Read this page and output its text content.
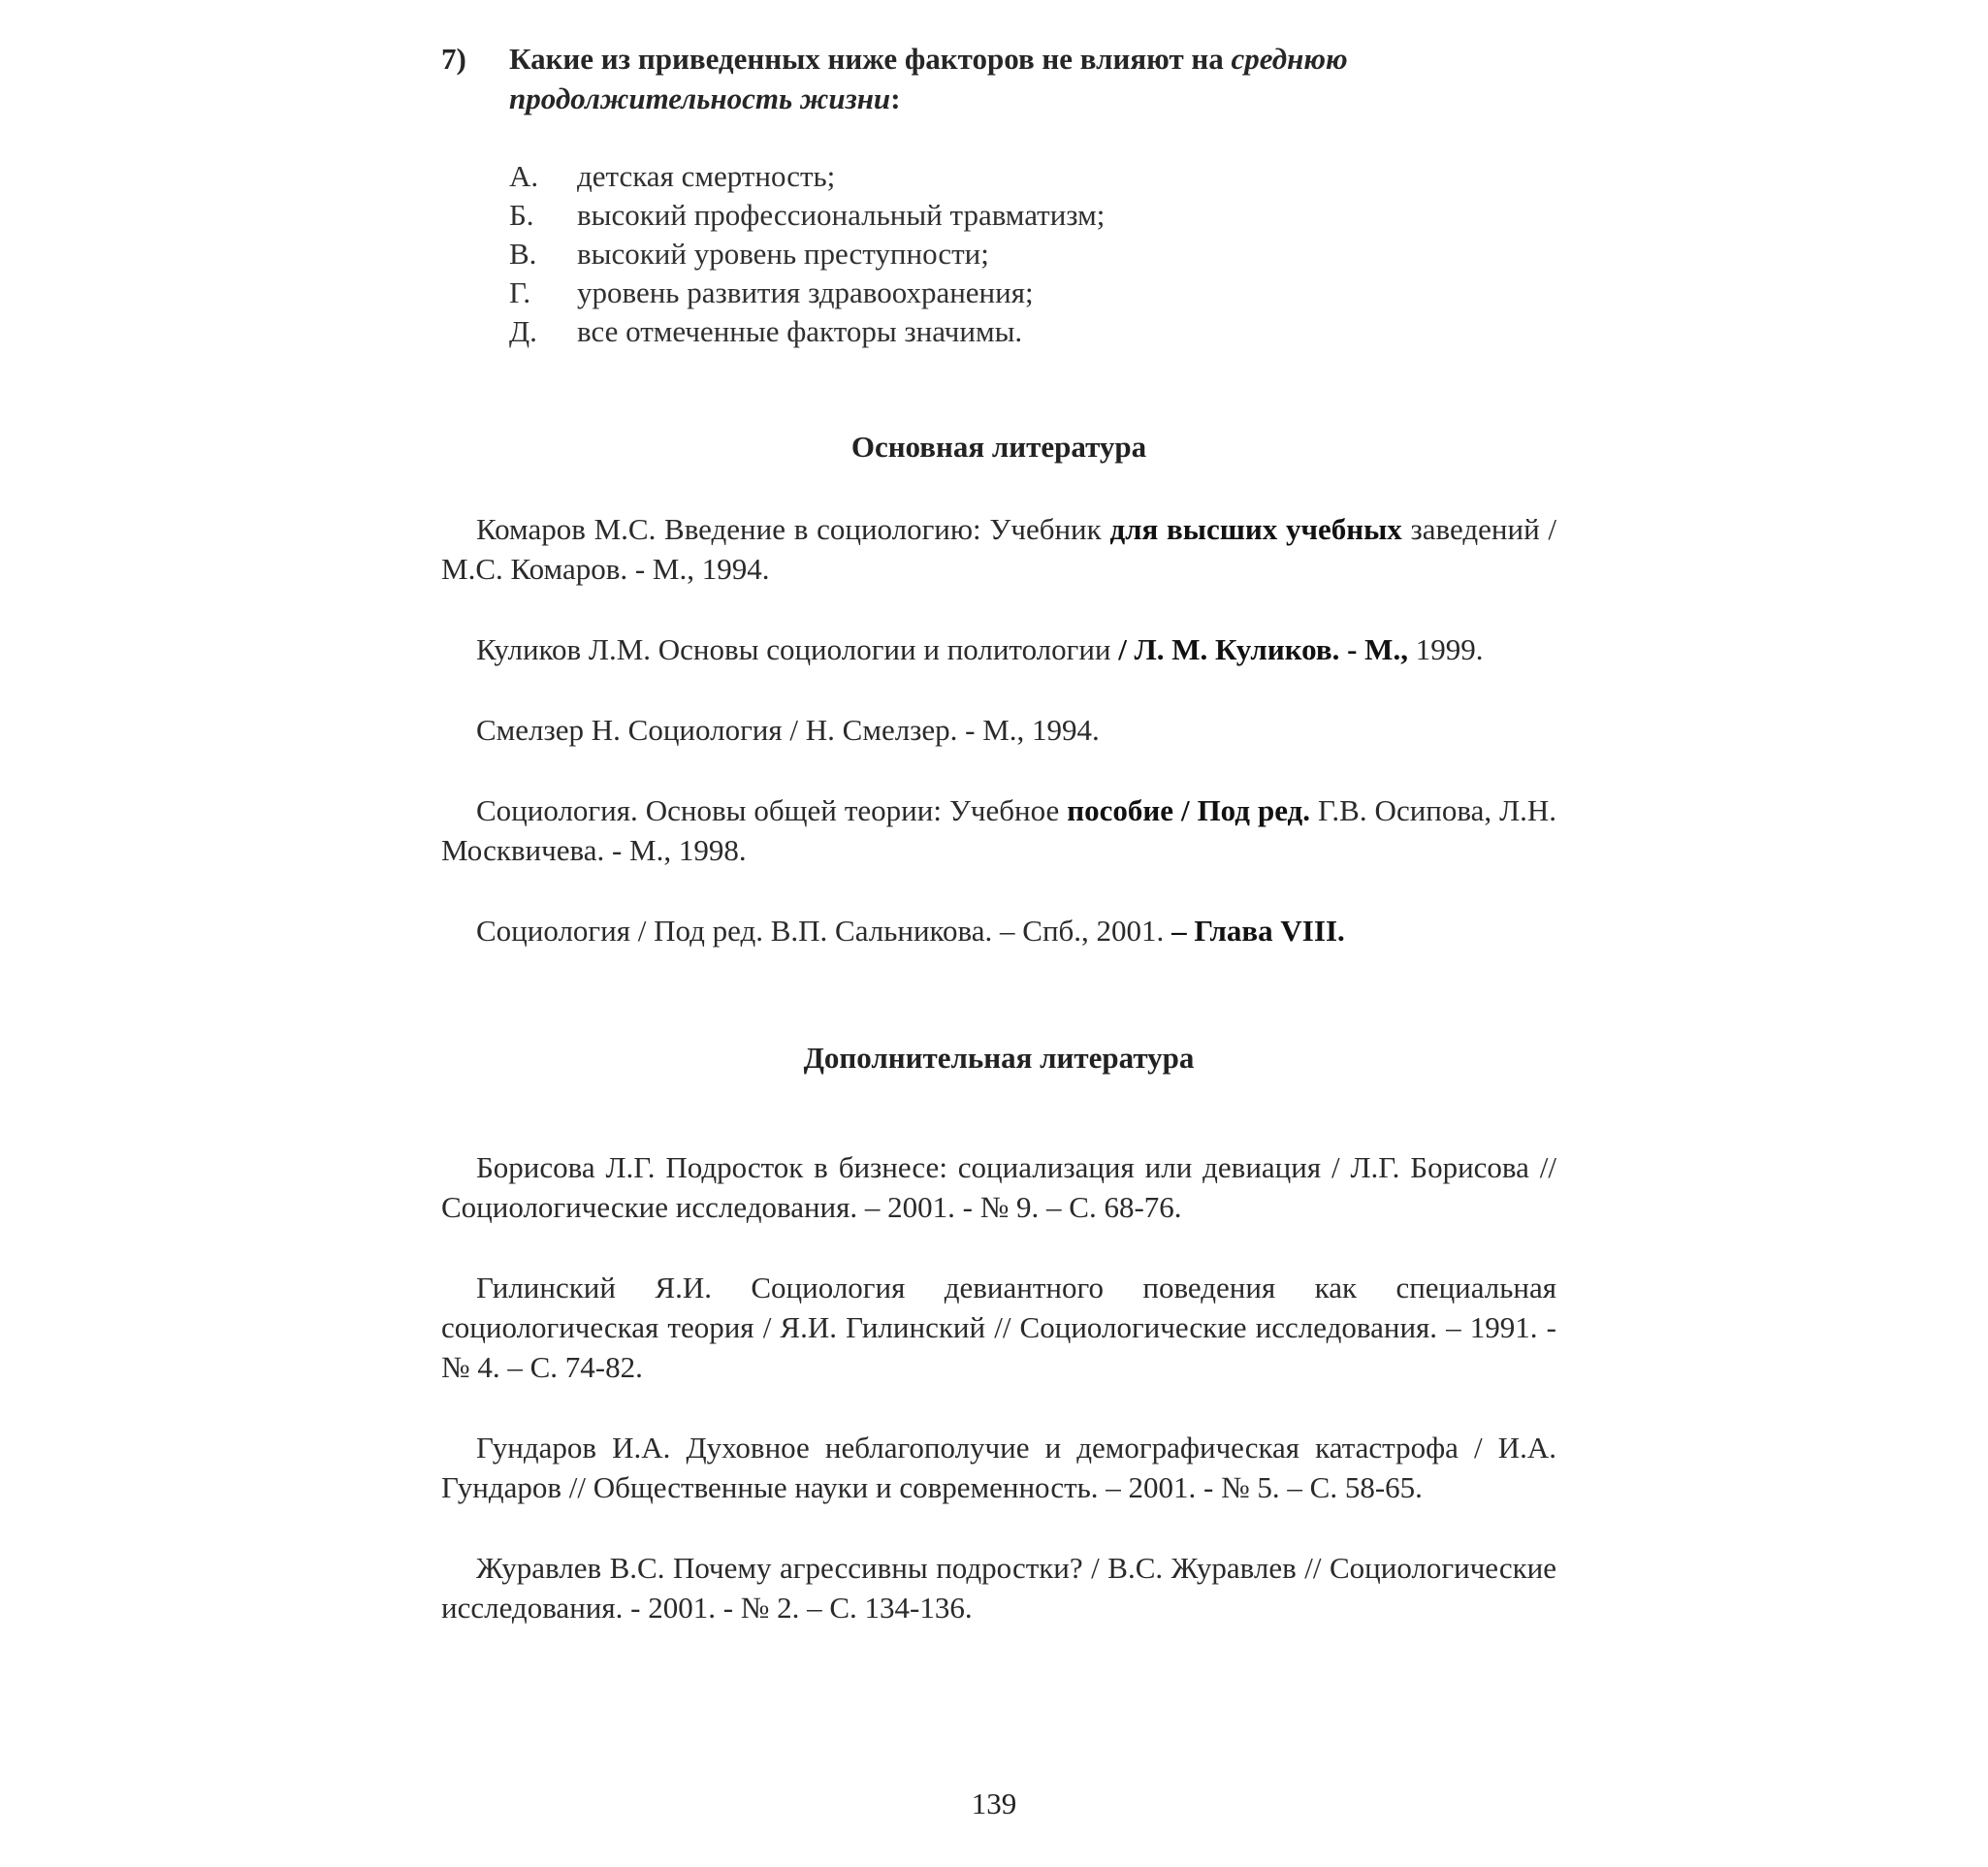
7) Какие из приведенных ниже факторов не влияют на среднюю продолжительность жизни:
А.	детская смертность;
Б.	высокий профессиональный травматизм;
В.	высокий уровень преступности;
Г.	уровень развития здравоохранения;
Д.	все отмеченные факторы значимы.
Основная литература
Комаров М.С. Введение в социологию: Учебник для высших учебных заведений / М.С. Комаров. - М., 1994.
Куликов Л.М. Основы социологии и политологии / Л. М. Куликов. - М., 1999.
Смелзер Н. Социология / Н. Смелзер. - М., 1994.
Социология. Основы общей теории: Учебное пособие / Под ред. Г.В. Осипова, Л.Н. Москвичева. - М., 1998.
Социология / Под ред. В.П. Сальникова. – Спб., 2001. – Глава VIII.
Дополнительная литература
Борисова Л.Г. Подросток в бизнесе: социализация или девиация / Л.Г. Борисова // Социологические исследования. – 2001. - № 9. – С. 68-76.
Гилинский Я.И. Социология девиантного поведения как специальная социологическая теория / Я.И. Гилинский // Социологические исследования. – 1991. - № 4. – С. 74-82.
Гундаров И.А. Духовное неблагополучие и демографическая катастрофа / И.А. Гундаров // Общественные науки и современность. – 2001. - № 5. – С. 58-65.
Журавлев В.С. Почему агрессивны подростки? / В.С. Журавлев // Социологические исследования. - 2001. - № 2. – С. 134-136.
139
